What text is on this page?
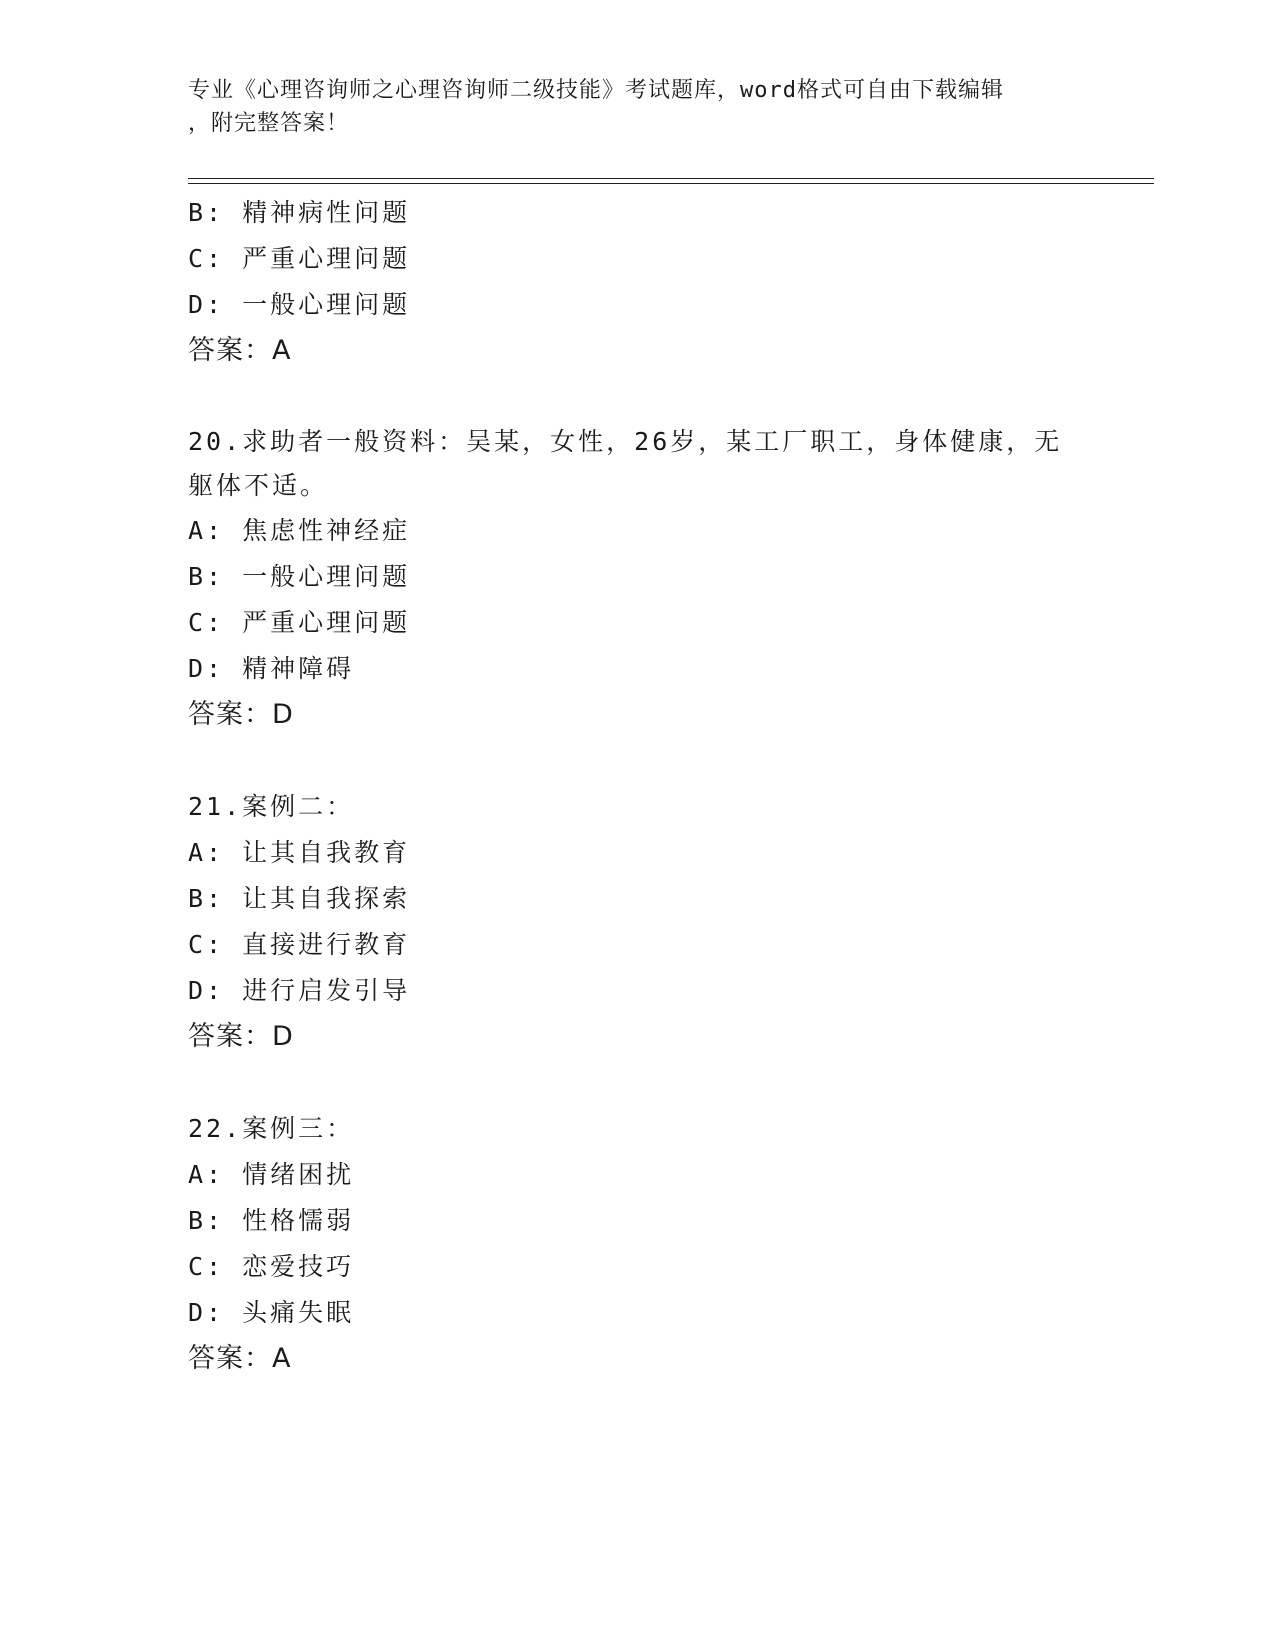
专业《心理咨询师之心理咨询师二级技能》考试题库，word格式可自由下载编辑
，附完整答案！
B: 精神病性问题
C: 严重心理问题
D: 一般心理问题
答案：A
20.求助者一般资料：吴某，女性，26岁，某工厂职工，身体健康，无
躯体不适。
A: 焦虑性神经症
B: 一般心理问题
C: 严重心理问题
D: 精神障碍
答案：D
21.案例二：
A: 让其自我教育
B: 让其自我探索
C: 直接进行教育
D: 进行启发引导
答案：D
22.案例三：
A: 情绪困扰
B: 性格懦弱
C: 恋爱技巧
D: 头痛失眠
答案：A
